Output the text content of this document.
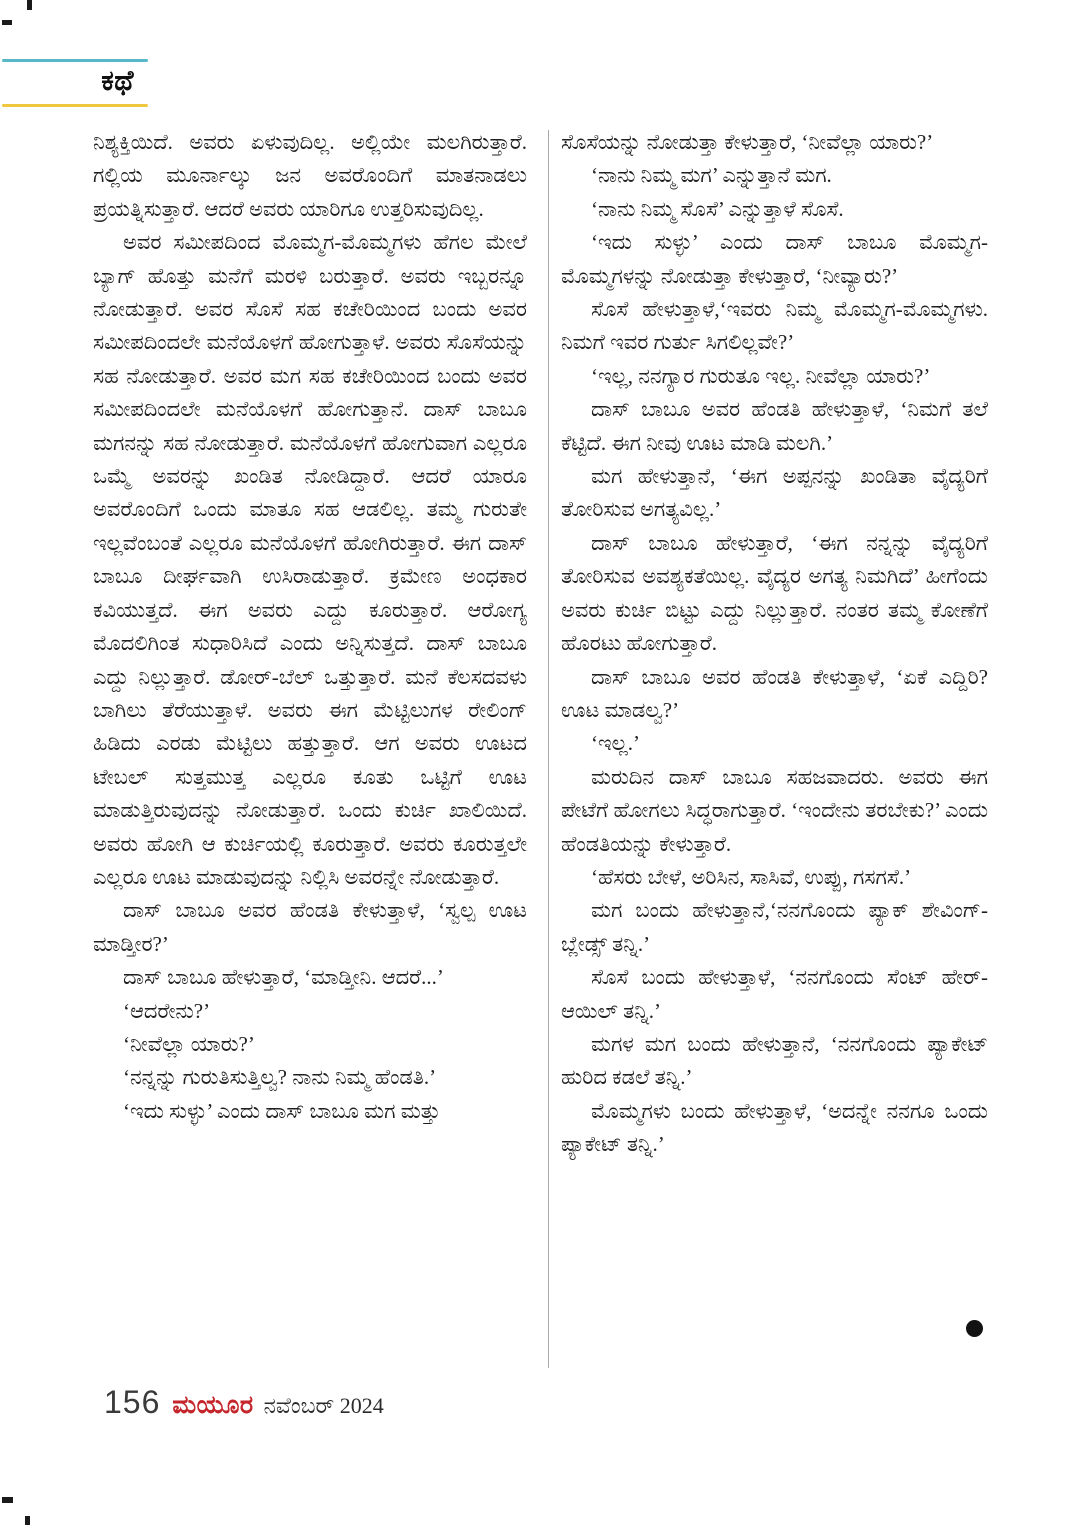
ಕಥೆ

ನಿಶ್ಯಕ್ತಿಯಿದೆ. ಅವರು ಏಳುವುದಿಲ್ಲ. ಅಲ್ಲಿಯೇ ಮಲಗಿರುತ್ತಾರೆ. ಗಲ್ಲಿಯ ಮೂರ್ನಾಲ್ಕು ಜನ ಅವರೊಂದಿಗೆ ಮಾತನಾಡಲು ಪ್ರಯತ್ನಿಸುತ್ತಾರೆ. ಆದರೆ ಅವರು ಯಾರಿಗೂ ಉತ್ತರಿಸುವುದಿಲ್ಲ.

ಅವರ ಸಮೀಪದಿಂದ ಮೊಮ್ಮಗ-ಮೊಮ್ಮಗಳು ಹೆಗಲ ಮೇಲೆ ಬ್ಯಾಗ್ ಹೊತ್ತು ಮನೆಗೆ ಮರಳಿ ಬರುತ್ತಾರೆ. ಅವರು ಇಬ್ಬರನ್ನೂ ನೋಡುತ್ತಾರೆ. ಅವರ ಸೊಸೆ ಸಹ ಕಚೇರಿಯಿಂದ ಬಂದು ಅವರ ಸಮೀಪದಿಂದಲೇ ಮನೆಯೊಳಗೆ ಹೋಗುತ್ತಾಳೆ. ಅವರು ಸೊಸೆಯನ್ನು ಸಹ ನೋಡುತ್ತಾರೆ. ಅವರ ಮಗ ಸಹ ಕಚೇರಿಯಿಂದ ಬಂದು ಅವರ ಸಮೀಪದಿಂದಲೇ ಮನೆಯೊಳಗೆ ಹೋಗುತ್ತಾನೆ. ದಾಸ್ ಬಾಬೂ ಮಗನನ್ನು ಸಹ ನೋಡುತ್ತಾರೆ. ಮನೆಯೊಳಗೆ ಹೋಗುವಾಗ ಎಲ್ಲರೂ ಒಮ್ಮೆ ಅವರನ್ನು ಖಂಡಿತ ನೋಡಿದ್ದಾರೆ. ಆದರೆ ಯಾರೂ ಅವರೊಂದಿಗೆ ಒಂದು ಮಾತೂ ಸಹ ಆಡಲಿಲ್ಲ. ತಮ್ಮ ಗುರುತೇ ಇಲ್ಲವೆಂಬಂತೆ ಎಲ್ಲರೂ ಮನೆಯೊಳಗೆ ಹೋಗಿರುತ್ತಾರೆ. ಈಗ ದಾಸ್ ಬಾಬೂ ದೀರ್ಘವಾಗಿ ಉಸಿರಾಡುತ್ತಾರೆ. ಕ್ರಮೇಣ ಅಂಧಕಾರ ಕವಿಯುತ್ತದೆ. ಈಗ ಅವರು ಎದ್ದು ಕೂರುತ್ತಾರೆ. ಆರೋಗ್ಯ ಮೊದಲಿಗಿಂತ ಸುಧಾರಿಸಿದೆ ಎಂದು ಅನ್ನಿಸುತ್ತದೆ. ದಾಸ್ ಬಾಬೂ ಎದ್ದು ನಿಲ್ಲುತ್ತಾರೆ. ಡೋರ್-ಬೆಲ್ ಒತ್ತುತ್ತಾರೆ. ಮನೆ ಕೆಲಸದವಳು ಬಾಗಿಲು ತೆರೆಯುತ್ತಾಳೆ. ಅವರು ಈಗ ಮೆಟ್ಟಿಲುಗಳ ರೇಲಿಂಗ್ ಹಿಡಿದು ಎರಡು ಮೆಟ್ಟಿಲು ಹತ್ತುತ್ತಾರೆ. ಆಗ ಅವರು ಊಟದ ಟೇಬಲ್ ಸುತ್ತಮುತ್ತ ಎಲ್ಲರೂ ಕೂತು ಒಟ್ಟಿಗೆ ಊಟ ಮಾಡುತ್ತಿರುವುದನ್ನು ನೋಡುತ್ತಾರೆ. ಒಂದು ಕುರ್ಚಿ ಖಾಲಿಯಿದೆ. ಅವರು ಹೋಗಿ ಆ ಕುರ್ಚಿಯಲ್ಲಿ ಕೂರುತ್ತಾರೆ. ಅವರು ಕೂರುತ್ತಲೇ ಎಲ್ಲರೂ ಊಟ ಮಾಡುವುದನ್ನು ನಿಲ್ಲಿಸಿ ಅವರನ್ನೇ ನೋಡುತ್ತಾರೆ.

ದಾಸ್ ಬಾಬೂ ಅವರ ಹೆಂಡತಿ ಕೇಳುತ್ತಾಳೆ, ‘ಸ್ವಲ್ಪ ಊಟ ಮಾಡ್ತೀರ?’

ದಾಸ್ ಬಾಬೂ ಹೇಳುತ್ತಾರೆ, ‘ಮಾಡ್ತೀನಿ. ಆದರೆ...’

‘ಆದರೇನು?’

‘ನೀವೆಲ್ಲಾ ಯಾರು?’

‘ನನ್ನನ್ನು ಗುರುತಿಸುತ್ತಿಲ್ವ? ನಾನು ನಿಮ್ಮ ಹೆಂಡತಿ.’

‘ಇದು ಸುಳ್ಳು’ ಎಂದು ದಾಸ್ ಬಾಬೂ ಮಗ ಮತ್ತು

ಸೊಸೆಯನ್ನು ನೋಡುತ್ತಾ ಕೇಳುತ್ತಾರೆ, ‘ನೀವೆಲ್ಲಾ ಯಾರು?’

‘ನಾನು ನಿಮ್ಮ ಮಗ’ ಎನ್ನುತ್ತಾನೆ ಮಗ.

‘ನಾನು ನಿಮ್ಮ ಸೊಸೆ’ ಎನ್ನುತ್ತಾಳೆ ಸೊಸೆ.

‘ಇದು ಸುಳ್ಳು’ ಎಂದು ದಾಸ್ ಬಾಬೂ ಮೊಮ್ಮಗ-ಮೊಮ್ಮಗಳನ್ನು ನೋಡುತ್ತಾ ಕೇಳುತ್ತಾರೆ, ‘ನೀವ್ಯಾರು?’

ಸೊಸೆ ಹೇಳುತ್ತಾಳೆ,‘ಇವರು ನಿಮ್ಮ ಮೊಮ್ಮಗ-ಮೊಮ್ಮಗಳು. ನಿಮಗೆ ಇವರ ಗುರ್ತು ಸಿಗಲಿಲ್ಲವೇ?’

‘ಇಲ್ಲ, ನನಗ್ಯಾರ ಗುರುತೂ ಇಲ್ಲ. ನೀವೆಲ್ಲಾ ಯಾರು?’

ದಾಸ್ ಬಾಬೂ ಅವರ ಹೆಂಡತಿ ಹೇಳುತ್ತಾಳೆ, ‘ನಿಮಗೆ ತಲೆ ಕೆಟ್ಟಿದೆ. ಈಗ ನೀವು ಊಟ ಮಾಡಿ ಮಲಗಿ.’

ಮಗ ಹೇಳುತ್ತಾನೆ, ‘ಈಗ ಅಪ್ಪನನ್ನು ಖಂಡಿತಾ ವೈದ್ಯರಿಗೆ ತೋರಿಸುವ ಅಗತ್ಯವಿಲ್ಲ.’

ದಾಸ್ ಬಾಬೂ ಹೇಳುತ್ತಾರೆ, ‘ಈಗ ನನ್ನನ್ನು ವೈದ್ಯರಿಗೆ ತೋರಿಸುವ ಅವಶ್ಯಕತೆಯಿಲ್ಲ. ವೈದ್ಯರ ಅಗತ್ಯ ನಿಮಗಿದೆ’ ಹೀಗೆಂದು ಅವರು ಕುರ್ಚಿ ಬಿಟ್ಟು ಎದ್ದು ನಿಲ್ಲುತ್ತಾರೆ. ನಂತರ ತಮ್ಮ ಕೋಣೆಗೆ ಹೊರಟು ಹೋಗುತ್ತಾರೆ.

ದಾಸ್ ಬಾಬೂ ಅವರ ಹೆಂಡತಿ ಕೇಳುತ್ತಾಳೆ, ‘ಏಕೆ ಎದ್ದಿರಿ? ಊಟ ಮಾಡಲ್ವ?’

‘ಇಲ್ಲ.’

ಮರುದಿನ ದಾಸ್ ಬಾಬೂ ಸಹಜವಾದರು. ಅವರು ಈಗ ಪೇಟೆಗೆ ಹೋಗಲು ಸಿದ್ಧರಾಗುತ್ತಾರೆ. ‘ಇಂದೇನು ತರಬೇಕು?’ ಎಂದು ಹೆಂಡತಿಯನ್ನು ಕೇಳುತ್ತಾರೆ.

‘ಹೆಸರು ಬೇಳೆ, ಅರಿಸಿನ, ಸಾಸಿವೆ, ಉಪ್ಪು, ಗಸಗಸೆ.’

ಮಗ ಬಂದು ಹೇಳುತ್ತಾನೆ,‘ನನಗೊಂದು ಪ್ಯಾಕ್ ಶೇವಿಂಗ್-ಬ್ಲೇಡ್ಸ್ ತನ್ನಿ.’

ಸೊಸೆ ಬಂದು ಹೇಳುತ್ತಾಳೆ, ‘ನನಗೊಂದು ಸೆಂಟ್ ಹೇರ್-ಆಯಿಲ್ ತನ್ನಿ.’

ಮಗಳ ಮಗ ಬಂದು ಹೇಳುತ್ತಾನೆ, ‘ನನಗೊಂದು ಪ್ಯಾಕೇಟ್ ಹುರಿದ ಕಡಲೆ ತನ್ನಿ.’

ಮೊಮ್ಮಗಳು ಬಂದು ಹೇಳುತ್ತಾಳೆ, ‘ಅದನ್ನೇ ನನಗೂ ಒಂದು ಪ್ಯಾಕೇಟ್ ತನ್ನಿ.’

156 ಮಯೂರ ನವೆಂಬರ್ 2024
